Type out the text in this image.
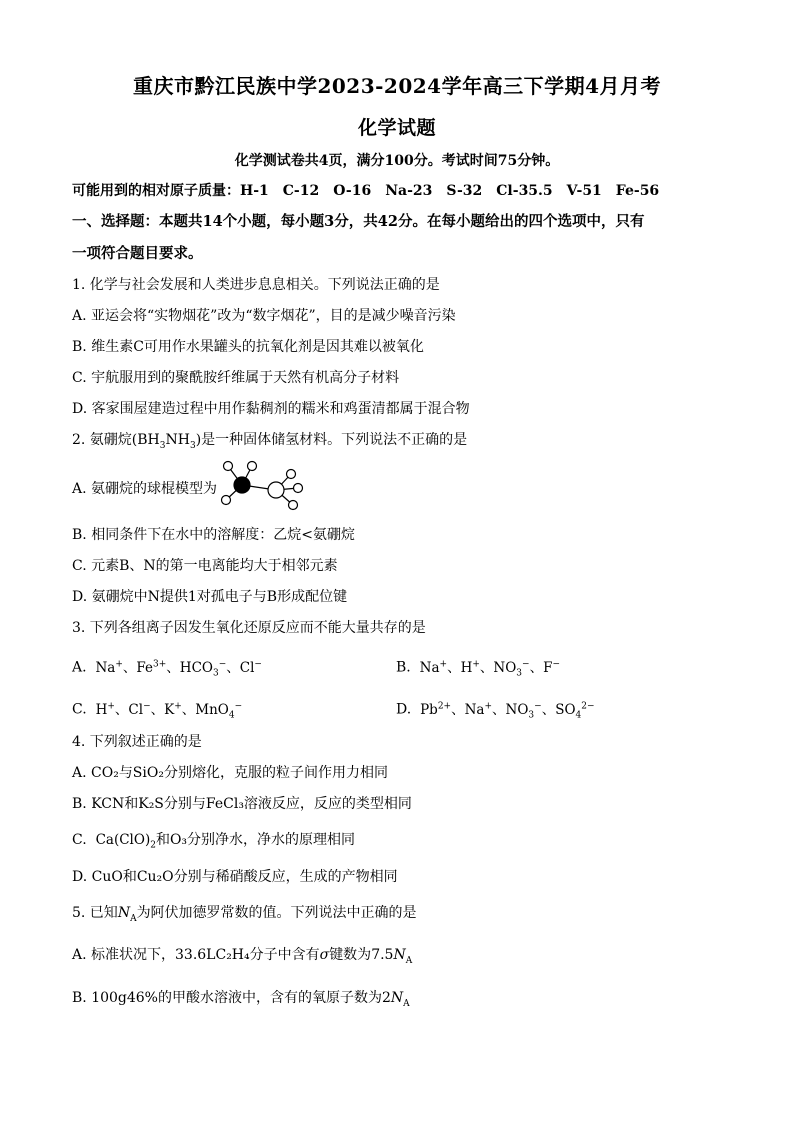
重庆市黔江民族中学2023-2024学年高三下学期4月月考
化学试题
化学测试卷共4页，满分100分。考试时间75分钟。
可能用到的相对原子质量：H-1　C-12　O-16　Na-23　S-32　Cl-35.5　V-51　Fe-56
一、选择题：本题共14个小题，每小题3分，共42分。在每小题给出的四个选项中，只有
一项符合题目要求。
1. 化学与社会发展和人类进步息息相关。下列说法正确的是
A. 亚运会将“实物烟花”改为“数字烟花”，目的是减少噪音污染
B. 维生素C可用作水果罐头的抗氧化剂是因其难以被氧化
C. 宇航服用到的聚酰胺纤维属于天然有机高分子材料
D. 客家围屋建造过程中用作黏稠剂的糯米和鸡蛋清都属于混合物
2. 氨硼烷$(BH_3NH_3)$是一种固体储氢材料。下列说法不正确的是
A. 氨硼烷的球棍模型为
B. 相同条件下在水中的溶解度：乙烷<氨硼烷
C. 元素B、N的第一电离能均大于相邻元素
D. 氨硼烷中N提供1对孤电子与B形成配位键
3. 下列各组离子因发生氧化还原反应而不能大量共存的是
A. Na+、$Fe^{3+}$、$HCO_3^-$、Cl−	B. Na+、H+、$NO_3^-$、F−
C. H+、Cl−、K+、MnO$_4$−	D. $Pb^{2+}$、Na+、$NO_3^-$、$SO_4^{2-}$
4. 下列叙述正确的是
A. CO₂与SiO₂分别熔化，克服的粒子间作用力相同
B. KCN和K₂S分别与FeCl₃溶液反应，反应的类型相同
C. $Ca(ClO)_2$和O₃分别净水，净水的原理相同
D. CuO和Cu₂O分别与稀硝酸反应，生成的产物相同
5. 已知$N_A$为阿伏加德罗常数的值。下列说法中正确的是
A. 标准状况下，33.6LC₂H₄分子中含有σ键数为$7.5N_A$
B. 100g46%的甲酸水溶液中，含有的氧原子数为$2N_A$
